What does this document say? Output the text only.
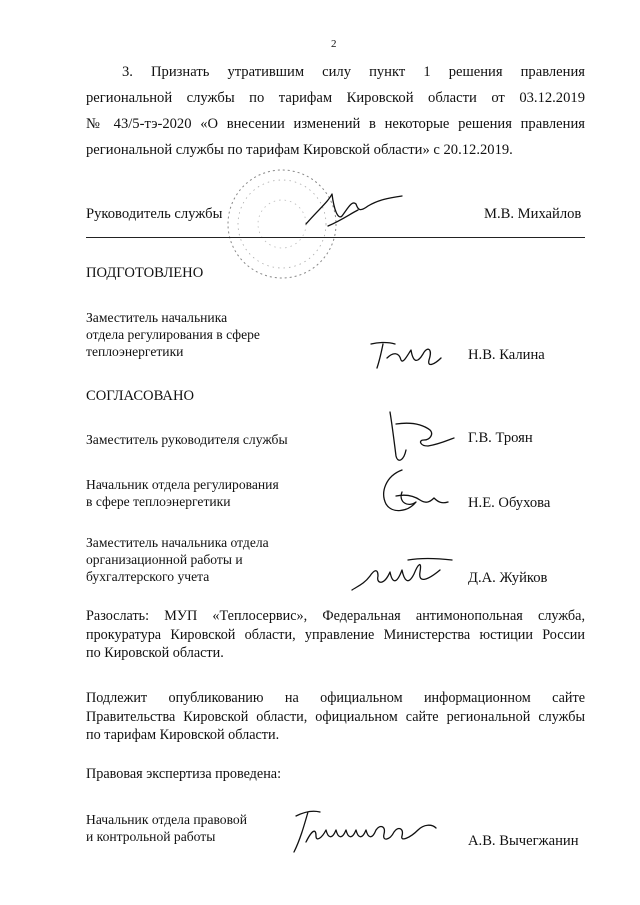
2
3. Признать утратившим силу пункт 1 решения правления
региональной службы по тарифам Кировской области от 03.12.2019
№ 43/5-тэ-2020 «О внесении изменений в некоторые решения правления
региональной службы по тарифам Кировской области» с 20.12.2019.
Руководитель службы	М.В. Михайлов
ПОДГОТОВЛЕНО
Заместитель начальника
отдела регулирования в сфере
теплоэнергетики	Н.В. Калина
СОГЛАСОВАНО
Заместитель руководителя службы	Г.В. Троян
Начальник отдела регулирования
в сфере теплоэнергетики	Н.Е. Обухова
Заместитель начальника отдела
организационной работы и
бухгалтерского учета	Д.А. Жуйков
Разослать: МУП «Теплосервис», Федеральная антимонопольная служба,
прокуратура Кировской области, управление Министерства юстиции России
по Кировской области.
Подлежит опубликованию на официальном информационном сайте
Правительства Кировской области, официальном сайте региональной службы
по тарифам Кировской области.
Правовая экспертиза проведена:
Начальник отдела правовой
и контрольной работы	А.В. Вычегжанин
